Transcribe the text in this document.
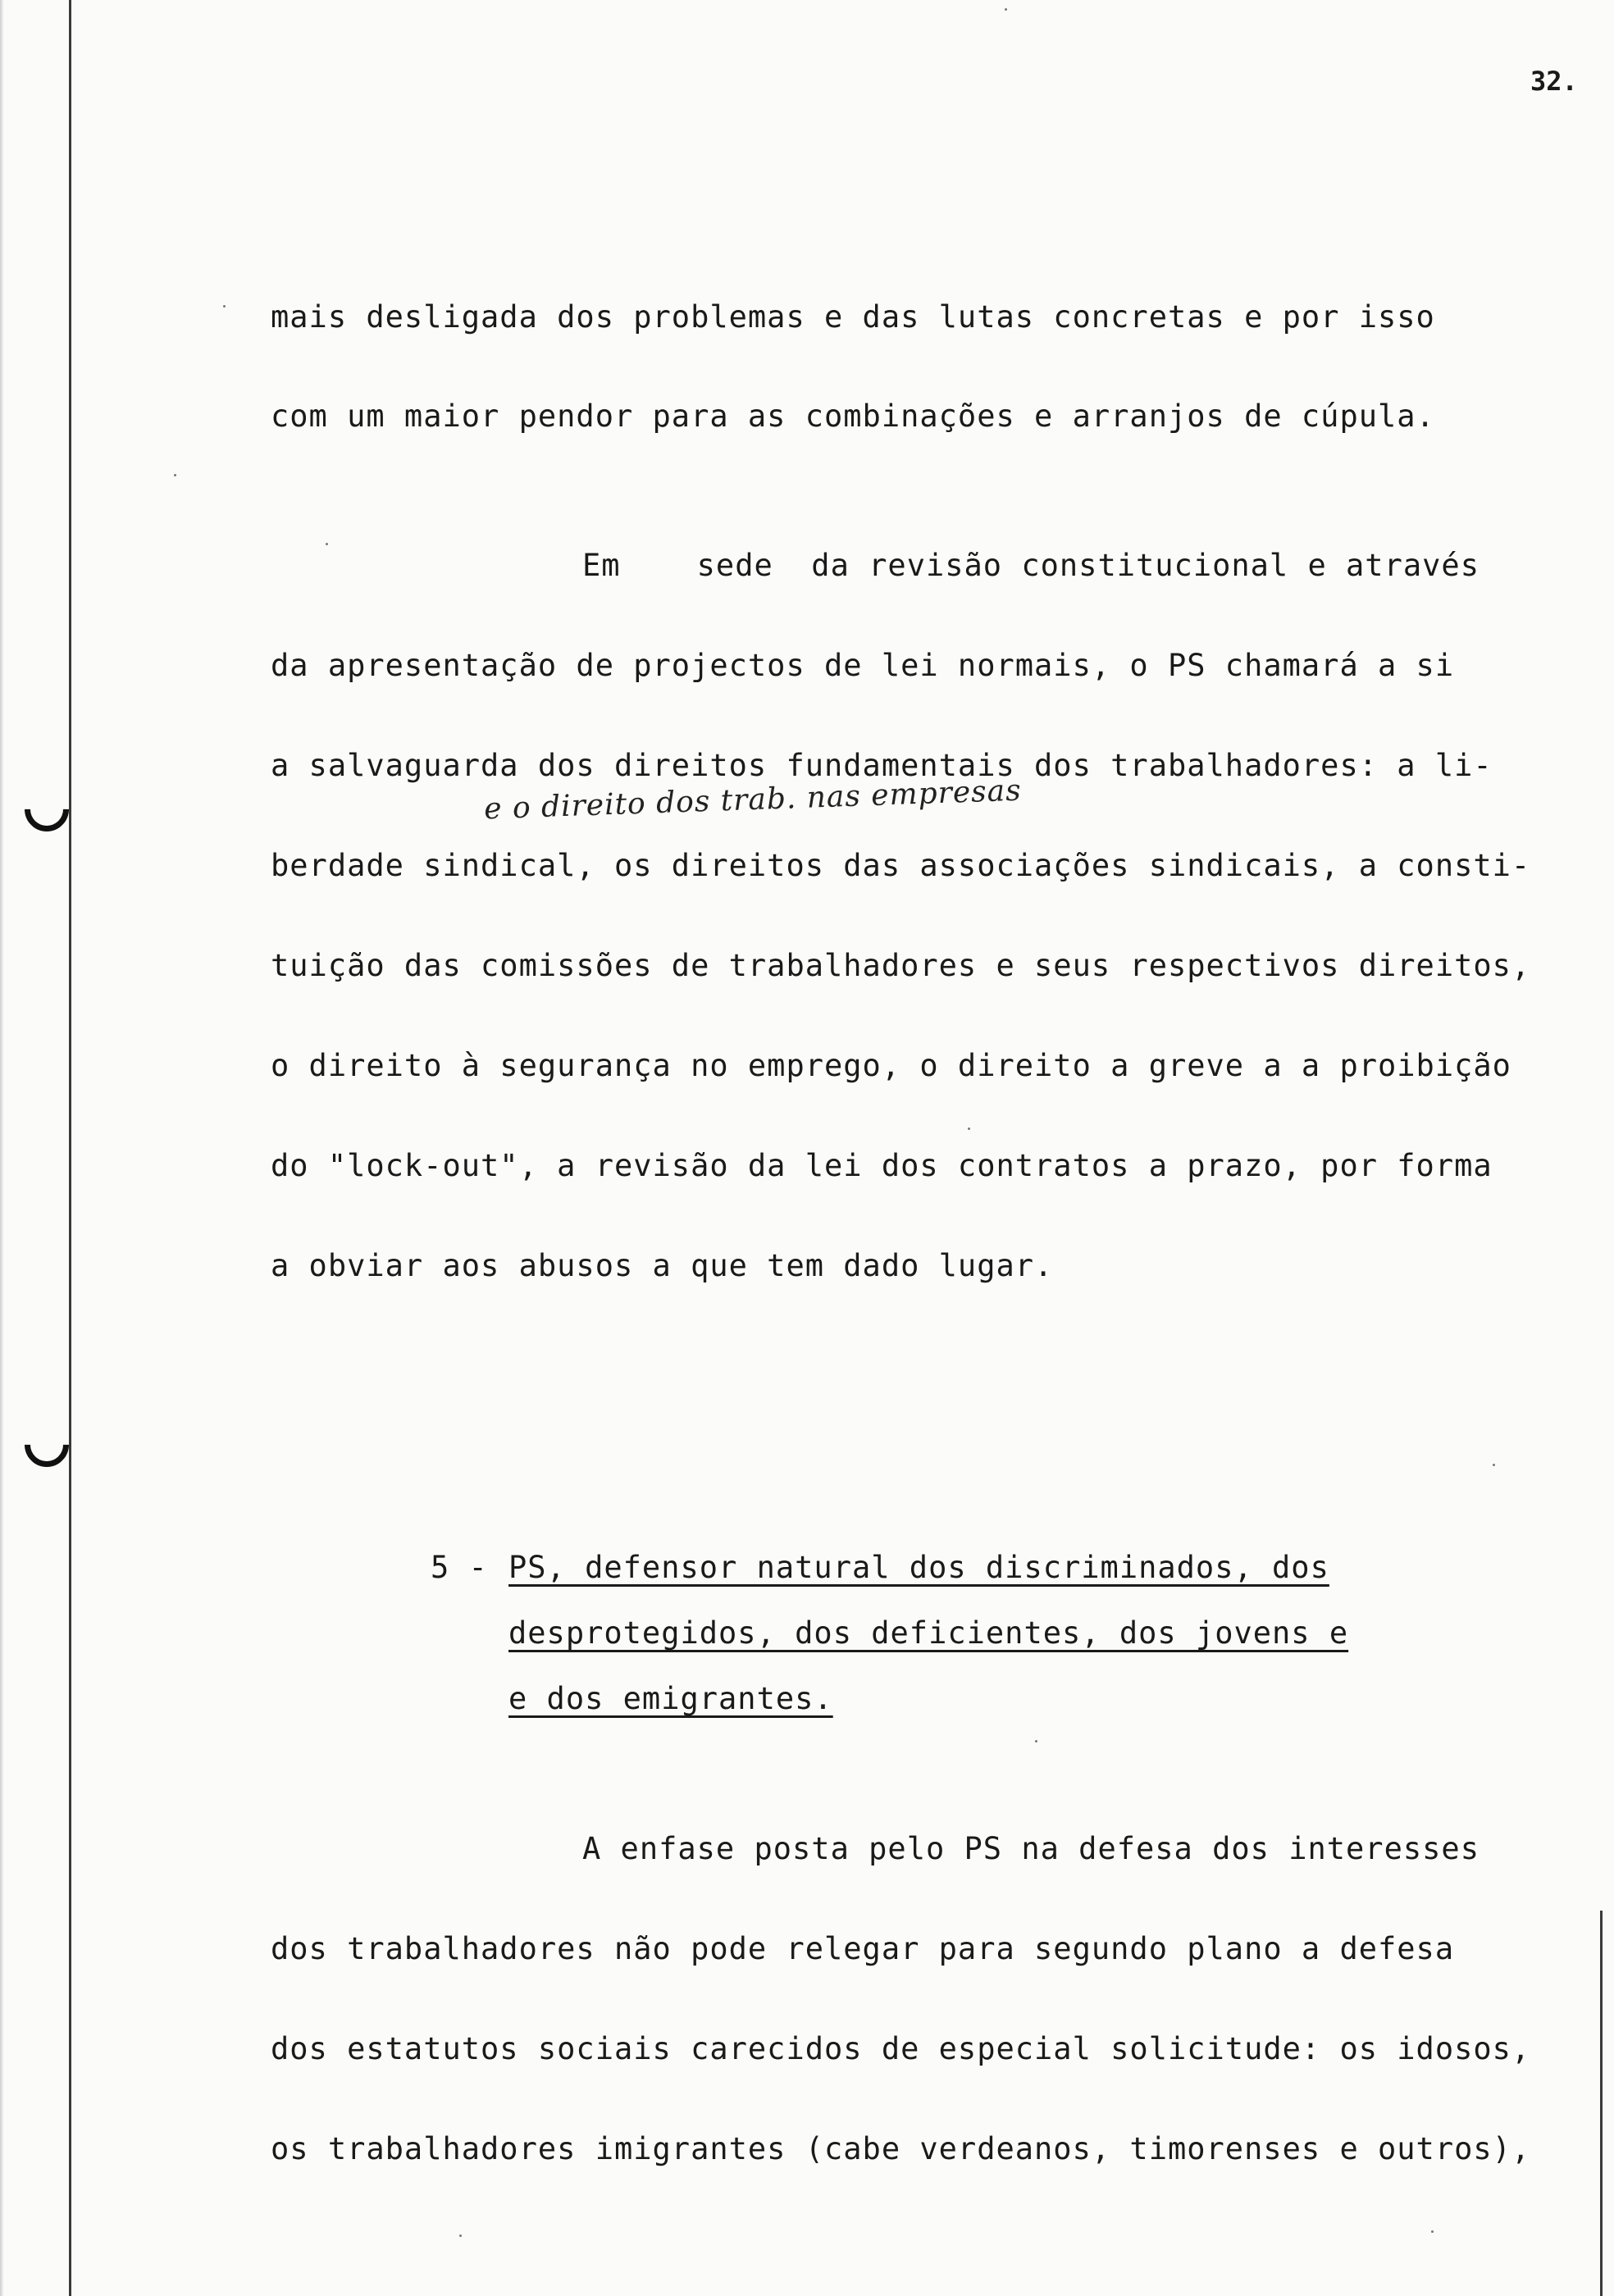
32.
mais desligada dos problemas e das lutas concretas e por isso
com um maior pendor para as combinações e arranjos de cúpula.
Em    sede  da revisão constitucional e através
da apresentação de projectos de lei normais, o PS chamará a si
a salvaguarda dos direitos fundamentais dos trabalhadores: a li-
e o direito dos trab. nas empresas
berdade sindical, os direitos das associações sindicais, a consti-
tuição das comissões de trabalhadores e seus respectivos direitos,
o direito à segurança no emprego, o direito a greve a a proibição
do "lock-out", a revisão da lei dos contratos a prazo, por forma
a obviar aos abusos a que tem dado lugar.
5 - PS, defensor natural dos discriminados, dos
desprotegidos, dos deficientes, dos jovens e
e dos emigrantes.
A enfase posta pelo PS na defesa dos interesses
dos trabalhadores não pode relegar para segundo plano a defesa
dos estatutos sociais carecidos de especial solicitude: os idosos,
os trabalhadores imigrantes (cabe verdeanos, timorenses e outros),
